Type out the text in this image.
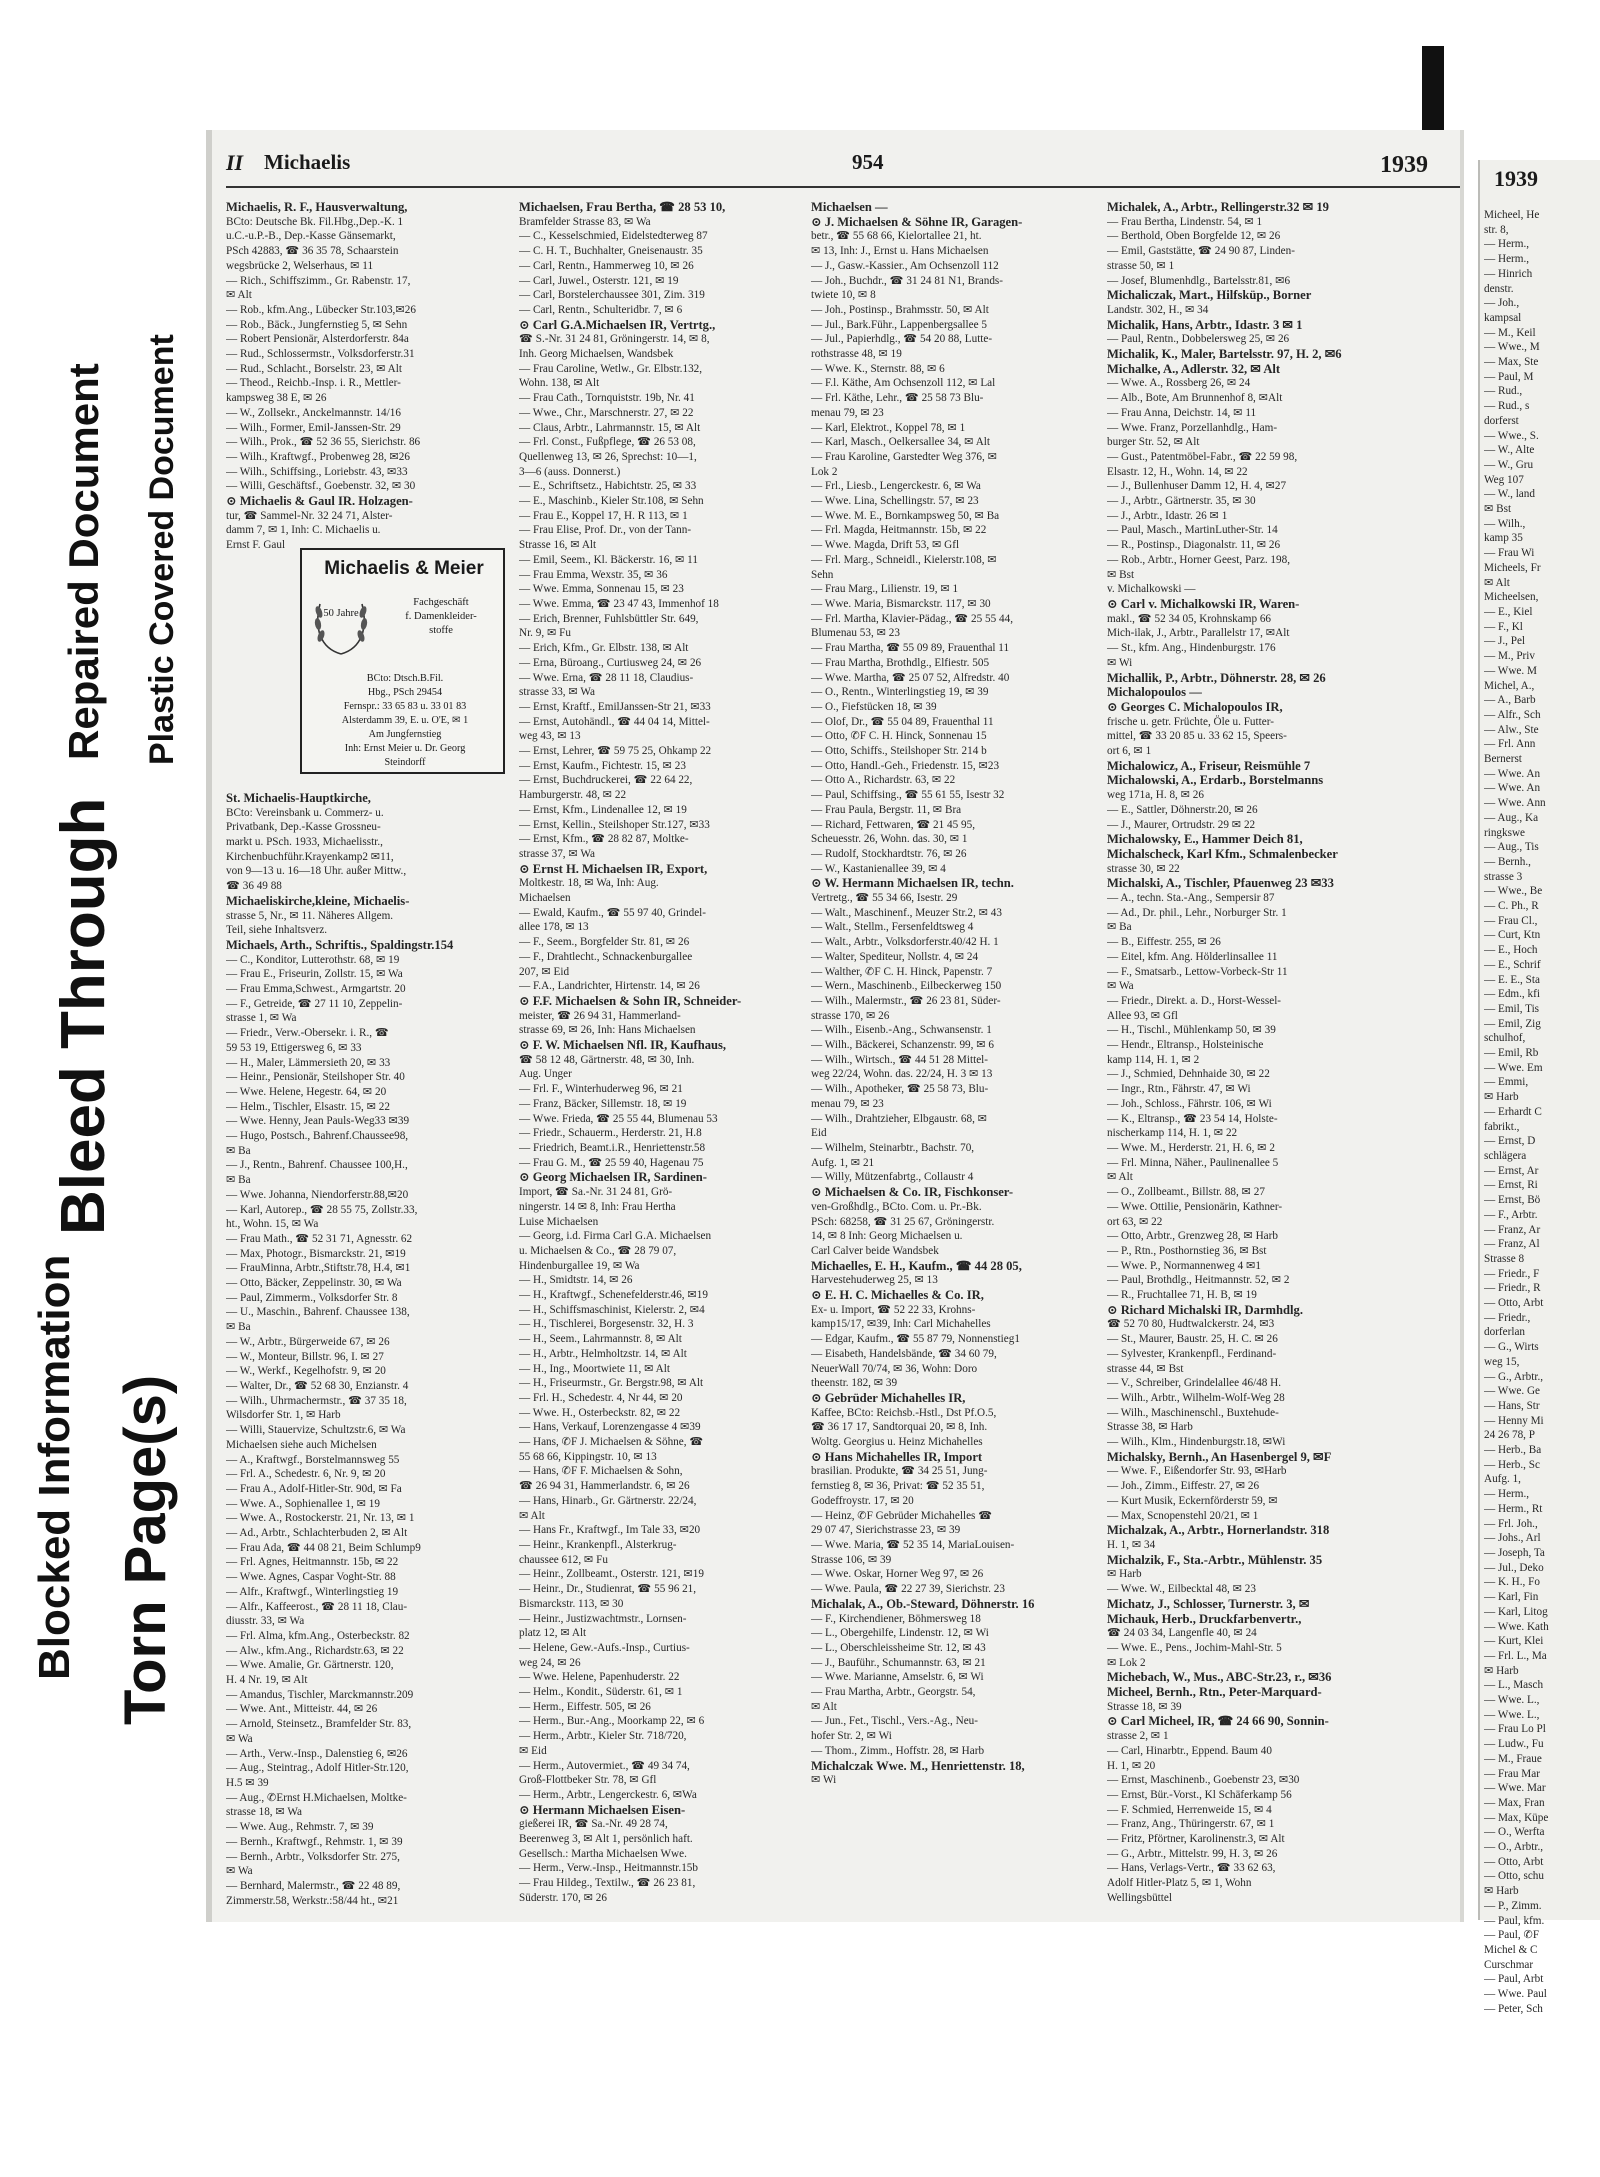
Blocked Information
Bleed Through
Torn Page(s)
Repaired Document Plastic Covered Document
II Michaelis	954	1939
Michaelis, R. F., Hausverwaltung,
BCto: Deutsche Bk. Fil.Hbg.,Dep.-K. 1
u.C.-u.P.-B., Dep.-Kasse Gänsemarkt,
PSch 42883, ☎ 36 35 78, Schaarstein
wegsbrücke 2, Welserhaus, ✉ 11
— Rich., Schiffszimm., Gr. Rabenstr. 17,
✉ Alt
— Rob., kfm.Ang., Lübecker Str.103,✉26
— Rob., Bäck., Jungfernstieg 5, ✉ Sehn
— Robert Pensionär, Alsterdorferstr. 84a
— Rud., Schlossermstr., Volksdorferstr.31
— Rud., Schlacht., Borselstr. 23, ✉ Alt
— Theod., Reichb.-Insp. i. R., Mettler-
kampsweg 38 E, ✉ 26
— W., Zollsekr., Anckelmannstr. 14/16
— Wilh., Former, Emil-Janssen-Str. 29
— Wilh., Prok., ☎ 52 36 55, Sierichstr. 86
— Wilh., Kraftwgf., Probenweg 28, ✉26
— Wilh., Schiffsing., Loriebstr. 43, ✉33
— Willi, Geschäftsf., Goebenstr. 32, ✉ 30
⊙ Michaelis & Gaul IR. Holzagen-
tur, ☎ Sammel-Nr. 32 24 71, Alster-
damm 7, ✉ 1, Inh: C. Michaelis u.
Ernst F. Gaul
St. Michaelis-Hauptkirche,
BCto: Vereinsbank u. Commerz- u.
Privatbank, Dep.-Kasse Grossneu-
markt u. PSch. 1933, Michaelisstr.,
Kirchenbuchführ.Krayenkamp2 ✉11,
von 9—13 u. 16—18 Uhr. außer Mittw.,
☎ 36 49 88
Michaeliskirche,kleine, Michaelis-
strasse 5, Nr., ✉ 11. Näheres Allgem.
Teil, siehe Inhaltsverz.
Michaels, Arth., Schriftis., Spaldingstr.154
— C., Konditor, Lutterothstr. 68, ✉ 19
— Frau E., Friseurin, Zollstr. 15, ✉ Wa
— Frau Emma,Schwest., Armgartstr. 20
— F., Getreide, ☎ 27 11 10, Zeppelin-
strasse 1, ✉ Wa
— Friedr., Verw.-Obersekr. i. R., ☎
59 53 19, Ettigersweg 6, ✉ 33
— H., Maler, Lämmersieth 20, ✉ 33
— Heinr., Pensionär, Steilshoper Str. 40
— Wwe. Helene, Hegestr. 64, ✉ 20
— Helm., Tischler, Elsastr. 15, ✉ 22
— Wwe. Henny, Jean Pauls-Weg33 ✉39
— Hugo, Postsch., Bahrenf.Chaussee98,
✉ Ba
— J., Rentn., Bahrenf. Chaussee 100,H.,
✉ Ba
— Wwe. Johanna, Niendorferstr.88,✉20
— Karl, Autorep., ☎ 28 55 75, Zollstr.33,
ht., Wohn. 15, ✉ Wa
— Frau Math., ☎ 52 31 71, Agnesstr. 62
— Max, Photogr., Bismarckstr. 21, ✉19
— FrauMinna, Arbtr.,Stiftstr.78, H.4, ✉1
— Otto, Bäcker, Zeppelinstr. 30, ✉ Wa
— Paul, Zimmerm., Volksdorfer Str. 8
— U., Maschin., Bahrenf. Chaussee 138,
✉ Ba
— W., Arbtr., Bürgerweide 67, ✉ 26
— W., Monteur, Billstr. 96, I. ✉ 27
— W., Werkf., Kegelhofstr. 9, ✉ 20
— Walter, Dr., ☎ 52 68 30, Enzianstr. 4
— Wilh., Uhrmachermstr., ☎ 37 35 18,
Wilsdorfer Str. 1, ✉ Harb
— Willi, Stauervize, Schultzstr.6, ✉ Wa
Michaelsen siehe auch Michelsen
— A., Kraftwgf., Borstelmannsweg 55
— Frl. A., Schedestr. 6, Nr. 9, ✉ 20
— Frau A., Adolf-Hitler-Str. 90d, ✉ Fa
— Wwe. A., Sophienallee 1, ✉ 19
— Wwe. A., Rostockerstr. 21, Nr. 13, ✉ 1
— Ad., Arbtr., Schlachterbuden 2, ✉ Alt
— Frau Ada, ☎ 44 08 21, Beim Schlump9
— Frl. Agnes, Heitmannstr. 15b, ✉ 22
— Wwe. Agnes, Caspar Voght-Str. 88
— Alfr., Kraftwgf., Winterlingstieg 19
— Alfr., Kaffeerost., ☎ 28 11 18, Clau-
diusstr. 33, ✉ Wa
— Frl. Alma, kfm.Ang., Osterbeckstr. 82
— Alw., kfm.Ang., Richardstr.63, ✉ 22
— Wwe. Amalie, Gr. Gärtnerstr. 120,
H. 4 Nr. 19, ✉ Alt
— Amandus, Tischler, Marckmannstr.209
— Wwe. Ant., Mitteistr. 44, ✉ 26
— Arnold, Steinsetz., Bramfelder Str. 83,
✉ Wa
— Arth., Verw.-Insp., Dalenstieg 6, ✉26
— Aug., Steintrag., Adolf Hitler-Str.120,
H.5 ✉ 39
— Aug., ✆Ernst H.Michaelsen, Moltke-
strasse 18, ✉ Wa
— Wwe. Aug., Rehmstr. 7, ✉ 39
— Bernh., Kraftwgf., Rehmstr. 1, ✉ 39
— Bernh., Arbtr., Volksdorfer Str. 275,
✉ Wa
— Bernhard, Malermstr., ☎ 22 48 89,
Zimmerstr.58, Werkstr.:58/44 ht., ✉21
Michaelsen, Frau Bertha, ☎ 28 53 10,
Bramfelder Strasse 83, ✉ Wa
— C., Kesselschmied, Eidelstedterweg 87
— C. H. T., Buchhalter, Gneisenaustr. 35
— Carl, Rentn., Hammerweg 10, ✉ 26
— Carl, Juwel., Osterstr. 121, ✉ 19
— Carl, Borstelerchaussee 301, Zim. 319
— Carl, Rentn., Schulteridbr. 7, ✉ 6
⊙ Carl G.A.Michaelsen IR, Vertrtg.,
☎ S.-Nr. 31 24 81, Gröningerstr. 14, ✉ 8,
Inh. Georg Michaelsen, Wandsbek
— Frau Caroline, Wetlw., Gr. Elbstr.132,
Wohn. 138, ✉ Alt
— Frau Cath., Tornquiststr. 19b, Nr. 41
— Wwe., Chr., Marschnerstr. 27, ✉ 22
— Claus, Arbtr., Lahrmannstr. 15, ✉ Alt
— Frl. Const., Fußpflege, ☎ 26 53 08,
Quellenweg 13, ✉ 26, Sprechst: 10—1,
3—6 (auss. Donnerst.)
— E., Schriftsetz., Habichtstr. 25, ✉ 33
— E., Maschinb., Kieler Str.108, ✉ Sehn
— Frau E., Koppel 17, H. R 113, ✉ 1
— Frau Elise, Prof. Dr., von der Tann-
Strasse 16, ✉ Alt
— Emil, Seem., Kl. Bäckerstr. 16, ✉ 11
— Frau Emma, Wexstr. 35, ✉ 36
— Wwe. Emma, Sonnenau 15, ✉ 23
— Wwe. Emma, ☎ 23 47 43, Immenhof 18
— Erich, Brenner, Fuhlsbüttler Str. 649,
Nr. 9, ✉ Fu
— Erich, Kfm., Gr. Elbstr. 138, ✉ Alt
— Erna, Büroang., Curtiusweg 24, ✉ 26
— Wwe. Erna, ☎ 28 11 18, Claudius-
strasse 33, ✉ Wa
— Ernst, Kraftf., EmilJanssen-Str 21, ✉33
— Ernst, Autohändl., ☎ 44 04 14, Mittel-
weg 43, ✉ 13
— Ernst, Lehrer, ☎ 59 75 25, Ohkamp 22
— Ernst, Kaufm., Fichtestr. 15, ✉ 23
— Ernst, Buchdruckerei, ☎ 22 64 22,
Hamburgerstr. 48, ✉ 22
— Ernst, Kfm., Lindenallee 12, ✉ 19
— Ernst, Kellin., Steilshoper Str.127, ✉33
— Ernst, Kfm., ☎ 28 82 87, Moltke-
strasse 37, ✉ Wa
⊙ Ernst H. Michaelsen IR, Export,
Moltkestr. 18, ✉ Wa, Inh: Aug.
Michaelsen
— Ewald, Kaufm., ☎ 55 97 40, Grindel-
allee 178, ✉ 13
— F., Seem., Borgfelder Str. 81, ✉ 26
— F., Drahtlecht., Schnackenburgallee
207, ✉ Eid
— F.A., Landrichter, Hirtenstr. 14, ✉ 26
⊙ F.F. Michaelsen & Sohn IR, Schneider-
meister, ☎ 26 94 31, Hammerland-
strasse 69, ✉ 26, Inh: Hans Michaelsen
⊙ F. W. Michaelsen Nfl. IR, Kaufhaus,
☎ 58 12 48, Gärtnerstr. 48, ✉ 30, Inh.
Aug. Unger
— Frl. F., Winterhuderweg 96, ✉ 21
— Franz, Bäcker, Sillemstr. 18, ✉ 19
— Wwe. Frieda, ☎ 25 55 44, Blumenau 53
— Friedr., Schauerm., Herderstr. 21, H.8
— Friedrich, Beamt.i.R., Henriettenstr.58
— Frau G. M., ☎ 25 59 40, Hagenau 75
⊙ Georg Michaelsen IR, Sardinen-
Import, ☎ Sa.-Nr. 31 24 81, Grö-
ningerstr. 14 ✉ 8, Inh: Frau Hertha
Luise Michaelsen
— Georg, i.d. Firma Carl G.A. Michaelsen
u. Michaelsen & Co., ☎ 28 79 07,
Hindenburgallee 19, ✉ Wa
— H., Smidtstr. 14, ✉ 26
— H., Kraftwgf., Schenefelderstr.46, ✉19
— H., Schiffsmaschinist, Kielerstr. 2, ✉4
— H., Tischlerei, Borgesenstr. 32, H. 3
— H., Seem., Lahrmannstr. 8, ✉ Alt
— H., Arbtr., Helmholtzstr. 14, ✉ Alt
— H., Ing., Moortwiete 11, ✉ Alt
— H., Friseurmstr., Gr. Bergstr.98, ✉ Alt
— Frl. H., Schedestr. 4, Nr 44, ✉ 20
— Wwe. H., Osterbeckstr. 82, ✉ 22
— Hans, Verkauf, Lorenzengasse 4 ✉39
— Hans, ✆F J. Michaelsen & Söhne, ☎
55 68 66, Kippingstr. 10, ✉ 13
— Hans, ✆F F. Michaelsen & Sohn,
☎ 26 94 31, Hammerlandstr. 6, ✉ 26
— Hans, Hinarb., Gr. Gärtnerstr. 22/24,
✉ Alt
— Hans Fr., Kraftwgf., Im Tale 33, ✉20
— Heinr., Krankenpfl., Alsterkrug-
chaussee 612, ✉ Fu
— Heinr., Zollbeamt., Osterstr. 121, ✉19
— Heinr., Dr., Studienrat, ☎ 55 96 21,
Bismarckstr. 113, ✉ 30
— Heinr., Justizwachtmstr., Lornsen-
platz 12, ✉ Alt
— Helene, Gew.-Aufs.-Insp., Curtius-
weg 24, ✉ 26
— Wwe. Helene, Papenhuderstr. 22
— Helm., Kondit., Süderstr. 61, ✉ 1
— Herm., Eiffestr. 505, ✉ 26
— Herm., Bur.-Ang., Moorkamp 22, ✉ 6
— Herm., Arbtr., Kieler Str. 718/720,
✉ Eid
— Herm., Autovermiet., ☎ 49 34 74,
Groß-Flottbeker Str. 78, ✉ Gfl
— Herm., Arbtr., Lengerckestr. 6, ✉Wa
⊙ Hermann Michaelsen Eisen-
gießerei IR, ☎ Sa.-Nr. 49 28 74,
Beerenweg 3, ✉ Alt 1, persönlich haft.
Gesellsch.: Martha Michaelsen Wwe.
— Herm., Verw.-Insp., Heitmannstr.15b
— Frau Hildeg., Textilw., ☎ 26 23 81,
Süderstr. 170, ✉ 26
Michaelsen —
⊙ J. Michaelsen & Söhne IR, Garagen-
betr., ☎ 55 68 66, Kielortallee 21, ht.
✉ 13, Inh: J., Ernst u. Hans Michaelsen
— J., Gasw.-Kassier., Am Ochsenzoll 112
— Joh., Buchdr., ☎ 31 24 81 N1, Brands-
twiete 10, ✉ 8
— Joh., Postinsp., Brahmsstr. 50, ✉ Alt
— Jul., Bark.Führ., Lappenbergsallee 5
— Jul., Papierhdlg., ☎ 54 20 88, Lutte-
rothstrasse 48, ✉ 19
— Wwe. K., Sternstr. 88, ✉ 6
— F.l. Käthe, Am Ochsenzoll 112, ✉ Lal
— Frl. Käthe, Lehr., ☎ 25 58 73 Blu-
menau 79, ✉ 23
— Karl, Elektrot., Koppel 78, ✉ 1
— Karl, Masch., Oelkersallee 34, ✉ Alt
— Frau Karoline, Garstedter Weg 376, ✉
Lok 2
— Frl., Liesb., Lengerckestr. 6, ✉ Wa
— Wwe. Lina, Schellingstr. 57, ✉ 23
— Wwe. M. E., Bornkampsweg 50, ✉ Ba
— Frl. Magda, Heitmannstr. 15b, ✉ 22
— Wwe. Magda, Drift 53, ✉ Gfl
— Frl. Marg., Schneidl., Kielerstr.108, ✉
Sehn
— Frau Marg., Lilienstr. 19, ✉ 1
— Wwe. Maria, Bismarckstr. 117, ✉ 30
— Frl. Martha, Klavier-Pädag., ☎ 25 55 44,
Blumenau 53, ✉ 23
— Frau Martha, ☎ 55 09 89, Frauenthal 11
— Frau Martha, Brothdlg., Elfiestr. 505
— Wwe. Martha, ☎ 25 07 52, Alfredstr. 40
— O., Rentn., Winterlingstieg 19, ✉ 39
— O., Fiefstücken 18, ✉ 39
— Olof, Dr., ☎ 55 04 89, Frauenthal 11
— Otto, ✆F C. H. Hinck, Sonnenau 15
— Otto, Schiffs., Steilshoper Str. 214 b
— Otto, Handl.-Geh., Friedenstr. 15, ✉23
— Otto A., Richardstr. 63, ✉ 22
— Paul, Schiffsing., ☎ 55 61 55, Isestr 32
— Frau Paula, Bergstr. 11, ✉ Bra
— Richard, Fettwaren, ☎ 21 45 95,
Scheuesstr. 26, Wohn. das. 30, ✉ 1
— Rudolf, Stockhardtstr. 76, ✉ 26
— W., Kastanienallee 39, ✉ 4
⊙ W. Hermann Michaelsen IR, techn.
Vertretg., ☎ 55 34 66, Isestr. 29
— Walt., Maschinenf., Meuzer Str.2, ✉ 43
— Walt., Stellm., Fersenfeldtsweg 4
— Walt., Arbtr., Volksdorferstr.40/42 H. 1
— Walter, Spediteur, Nollstr. 4, ✉ 24
— Walther, ✆F C. H. Hinck, Papenstr. 7
— Wern., Maschinenb., Eilbeckerweg 150
— Wilh., Malermstr., ☎ 26 23 81, Süder-
strasse 170, ✉ 26
— Wilh., Eisenb.-Ang., Schwansenstr. 1
— Wilh., Bäckerei, Schanzenstr. 99, ✉ 6
— Wilh., Wirtsch., ☎ 44 51 28 Mittel-
weg 22/24, Wohn. das. 22/24, H. 3 ✉ 13
— Wilh., Apotheker, ☎ 25 58 73, Blu-
menau 79, ✉ 23
— Wilh., Drahtzieher, Elbgaustr. 68, ✉
Eid
— Wilhelm, Steinarbtr., Bachstr. 70,
Aufg. 1, ✉ 21
— Willy, Mützenfabrtg., Collaustr 4
⊙ Michaelsen & Co. IR, Fischkonser-
ven-Großhdlg., BCto. Com. u. Pr.-Bk.
PSch: 68258, ☎ 31 25 67, Gröningerstr.
14, ✉ 8 Inh: Georg Michaelsen u.
Carl Calver beide Wandsbek
Michaelles, E. H., Kaufm., ☎ 44 28 05,
Harvestehuderweg 25, ✉ 13
⊙ E. H. C. Michaelles & Co. IR,
Ex- u. Import, ☎ 52 22 33, Krohns-
kamp15/17, ✉39, Inh: Carl Michahelles
— Edgar, Kaufm., ☎ 55 87 79, Nonnenstieg1
— Eisabeth, Handelsbände, ☎ 34 60 79,
NeuerWall 70/74, ✉ 36, Wohn: Doro
theenstr. 182, ✉ 39
⊙ Gebrüder Michahelles IR,
Kaffee, BCto: Reichsb.-Hstl., Dst Pf.O.5,
☎ 36 17 17, Sandtorquai 20, ✉ 8, Inh.
Woltg. Georgius u. Heinz Michahelles
⊙ Hans Michahelles IR, Import
brasilian. Produkte, ☎ 34 25 51, Jung-
fernstieg 8, ✉ 36, Privat: ☎ 52 35 51,
Godeffroystr. 17, ✉ 20
— Heinz, ✆F Gebrüder Michahelles ☎
29 07 47, Sierichstrasse 23, ✉ 39
— Wwe. Maria, ☎ 52 35 14, MariaLouisen-
Strasse 106, ✉ 39
— Wwe. Oskar, Horner Weg 97, ✉ 26
— Wwe. Paula, ☎ 22 27 39, Sierichstr. 23
Michalak, A., Ob.-Steward, Döhnerstr. 16
— F., Kirchendiener, Böhmersweg 18
— L., Obergehilfe, Lindenstr. 12, ✉ Wi
— L., Oberschleissheime Str. 12, ✉ 43
— J., Bauführ., Schumannstr. 63, ✉ 21
— Wwe. Marianne, Amselstr. 6, ✉ Wi
— Frau Martha, Arbtr., Georgstr. 54,
✉ Alt
— Jun., Fet., Tischl., Vers.-Ag., Neu-
hofer Str. 2, ✉ Wi
— Thom., Zimm., Hoffstr. 28, ✉ Harb
Michalczak Wwe. M., Henriettenstr. 18,
✉ Wi
Michalek, A., Arbtr., Rellingerstr.32 ✉ 19
— Frau Bertha, Lindenstr. 54, ✉ 1
— Berthold, Oben Borgfelde 12, ✉ 26
— Emil, Gaststätte, ☎ 24 90 87, Linden-
strasse 50, ✉ 1
— Josef, Blumenhdlg., Bartelsstr.81, ✉6
Michaliczak, Mart., Hilfsküp., Borner
Landstr. 302, H., ✉ 34
Michalik, Hans, Arbtr., Idastr. 3 ✉ 1
— Paul, Rentn., Dobbelersweg 25, ✉ 26
Michalik, K., Maler, Bartelsstr. 97, H. 2, ✉6
Michalke, A., Adlerstr. 32, ✉ Alt
— Wwe. A., Rossberg 26, ✉ 24
— Alb., Bote, Am Brunnenhof 8, ✉Alt
— Frau Anna, Deichstr. 14, ✉ 11
— Wwe. Franz, Porzellanhdlg., Ham-
burger Str. 52, ✉ Alt
— Gust., Patentmöbel-Fabr., ☎ 22 59 98,
Elsastr. 12, H., Wohn. 14, ✉ 22
— J., Bullenhuser Damm 12, H. 4, ✉27
— J., Arbtr., Gärtnerstr. 35, ✉ 30
— J., Arbtr., Idastr. 26 ✉ 1
— Paul, Masch., MartinLuther-Str. 14
— R., Postinsp., Diagonalstr. 11, ✉ 26
— Rob., Arbtr., Horner Geest, Parz. 198,
✉ Bst
v. Michalkowski —
⊙ Carl v. Michalkowski IR, Waren-
makl., ☎ 52 34 05, Krohnskamp 66
Mich-ilak, J., Arbtr., Parallelstr 17, ✉Alt
— St., kfm. Ang., Hindenburgstr. 176
✉ Wi
Michallik, P., Arbtr., Döhnerstr. 28, ✉ 26
Michalopoulos —
⊙ Georges C. Michalopoulos IR,
frische u. getr. Früchte, Öle u. Futter-
mittel, ☎ 33 20 85 u. 33 62 15, Speers-
ort 6, ✉ 1
Michalowicz, A., Friseur, Reismühle 7
Michalowski, A., Erdarb., Borstelmanns
weg 171a, H. 8, ✉ 26
— E., Sattler, Döhnerstr.20, ✉ 26
— J., Maurer, Ortrudstr. 29 ✉ 22
Michalowsky, E., Hammer Deich 81,
Michalscheck, Karl Kfm., Schmalenbecker
strasse 30, ✉ 22
Michalski, A., Tischler, Pfauenweg 23 ✉33
— A., techn. Sta.-Ang., Sempersir 87
— Ad., Dr. phil., Lehr., Norburger Str. 1
✉ Ba
— B., Eiffestr. 255, ✉ 26
— Eitel, kfm. Ang. Hölderlinsallee 11
— F., Smatsarb., Lettow-Vorbeck-Str 11
✉ Wa
— Friedr., Direkt. a. D., Horst-Wessel-
Allee 93, ✉ Gfl
— H., Tischl., Mühlenkamp 50, ✉ 39
— Hendr., Eltransp., Holsteinische
kamp 114, H. 1, ✉ 2
— J., Schmied, Dehnhaide 30, ✉ 22
— Ingr., Rtn., Fährstr. 47, ✉ Wi
— Joh., Schloss., Fährstr. 106, ✉ Wi
— K., Eltransp., ☎ 23 54 14, Holste-
nischerkamp 114, H. 1, ✉ 22
— Wwe. M., Herderstr. 21, H. 6, ✉ 2
— Frl. Minna, Näher., Paulinenallee 5
✉ Alt
— O., Zollbeamt., Billstr. 88, ✉ 27
— Wwe. Ottilie, Pensionärin, Kathner-
ort 63, ✉ 22
— Otto, Arbtr., Grenzweg 28, ✉ Harb
— P., Rtn., Posthornstieg 36, ✉ Bst
— Wwe. P., Normannenweg 4 ✉1
— Paul, Brothdlg., Heitmannstr. 52, ✉ 2
— R., Fruchtallee 71, H. B, ✉ 19
⊙ Richard Michalski IR, Darmhdlg.
☎ 52 70 80, Hudtwalckerstr. 24, ✉3
— St., Maurer, Baustr. 25, H. C. ✉ 26
— Sylvester, Krankenpfl., Ferdinand-
strasse 44, ✉ Bst
— V., Schreiber, Grindelallee 46/48 H.
— Wilh., Arbtr., Wilhelm-Wolf-Weg 28
— Wilh., Maschinenschl., Buxtehude-
Strasse 38, ✉ Harb
— Wilh., Klm., Hindenburgstr.18, ✉Wi
Michalsky, Bernh., An Hasenbergel 9, ✉F
— Wwe. F., Eißendorfer Str. 93, ✉Harb
— Joh., Zimm., Eiffestr. 27, ✉ 26
— Kurt Musik, Eckernförderstr 59, ✉
— Max, Scnopenstehl 20/21, ✉ 1
Michalzak, A., Arbtr., Hornerlandstr. 318
H. 1, ✉ 34
Michalzik, F., Sta.-Arbtr., Mühlenstr. 35
✉ Harb
— Wwe. W., Eilbecktal 48, ✉ 23
Michatz, J., Schlosser, Turnerstr. 3, ✉
Michauk, Herb., Druckfarbenvertr.,
☎ 24 03 34, Langenfle 40, ✉ 24
— Wwe. E., Pens., Jochim-Mahl-Str. 5
✉ Lok 2
Michebach, W., Mus., ABC-Str.23, r., ✉36
Micheel, Bernh., Rtn., Peter-Marquard-
Strasse 18, ✉ 39
⊙ Carl Micheel, IR, ☎ 24 66 90, Sonnin-
strasse 2, ✉ 1
— Carl, Hinarbtr., Eppend. Baum 40
H. 1, ✉ 20
— Ernst, Maschinenb., Goebenstr 23, ✉30
— Ernst, Bür.-Vorst., Kl Schäferkamp 56
— F. Schmied, Herrenweide 15, ✉ 4
— Franz, Ang., Thüringerstr. 67, ✉ 1
— Fritz, Pförtner, Karolinenstr.3, ✉ Alt
— G., Arbtr., Mittelstr. 99, H. 3, ✉ 26
— Hans, Verlags-Vertr., ☎ 33 62 63,
Adolf Hitler-Platz 5, ✉ 1, Wohn
Wellingsbüttel
Michaelis & Meier
50 Jahre
Fachgeschäft
f. Damenkleider-
stoffe
BCto: Dtsch.B.Fil.
Hbg., PSch 29454
Fernspr.: 33 65 83 u. 33 01 83
Alsterdamm 39, E. u. O'E, ✉ 1
Am Jungfernstieg
Inh: Ernst Meier u. Dr. Georg
Steindorff
1939
Micheel, He
str. 8,
— Herm.,
— Herm.,
— Hinrich
denstr.
— Joh.,
kampsal
— M., Keil
— Wwe., M
— Max, Ste
— Paul, M
— Rud.,
— Rud., s
dorferst
— Wwe., S.
— W., Alte
— W., Gru
Weg 107
— W., land
✉ Bst
— Wilh.,
kamp 35
— Frau Wi
Micheels, Fr
✉ Alt
Micheelsen,
— E., Kiel
— F., Kl
— J., Pel
— M., Priv
— Wwe. M
Michel, A.,
— A., Barb
— Alfr., Sch
— Alw., Ste
— Frl. Ann
Bernerst
— Wwe. An
— Wwe. An
— Wwe. Ann
— Aug., Ka
ringkswe
— Aug., Tis
— Bernh.,
strasse 3
— Wwe., Be
— C. Ph., R
— Frau Cl.,
— Curt, Ktn
— E., Hoch
— E., Schrif
— E. E., Sta
— Edm., kfi
— Emil, Tis
— Emil, Zig
schulhof,
— Emil, Rb
— Wwe. Em
— Emmi,
✉ Harb
— Erhardt C
fabrikt.,
— Ernst, D
schlägera
— Ernst, Ar
— Ernst, Ri
— Ernst, Bö
— F., Arbtr.
— Franz, Ar
— Franz, Al
Strasse 8
— Friedr., F
— Friedr., R
— Otto, Arbt
— Friedr.,
dorferlan
— G., Wirts
weg 15,
— G., Arbtr.,
— Wwe. Ge
— Hans, Str
— Henny Mi
24 26 78, P
— Herb., Ba
— Herb., Sc
Aufg. 1,
— Herm.,
— Herm., Rt
— Frl. Joh.,
— Johs., Arl
— Joseph, Ta
— Jul., Deko
— K. H., Fo
— Karl, Fin
— Karl, Litog
— Wwe. Kath
— Kurt, Klei
— Frl. L., Ma
✉ Harb
— L., Masch
— Wwe. L.,
— Wwe. L.,
— Frau Lo Pl
— Ludw., Fu
— M., Fraue
— Frau Mar
— Wwe. Mar
— Max, Fran
— Max, Küpe
— O., Werfta
— O., Arbtr.,
— Otto, Arbt
— Otto, schu
✉ Harb
— P., Zimm.
— Paul, kfm.
— Paul, ✆F
Michel & C
Curschmar
— Paul, Arbt
— Wwe. Paul
— Peter, Sch
